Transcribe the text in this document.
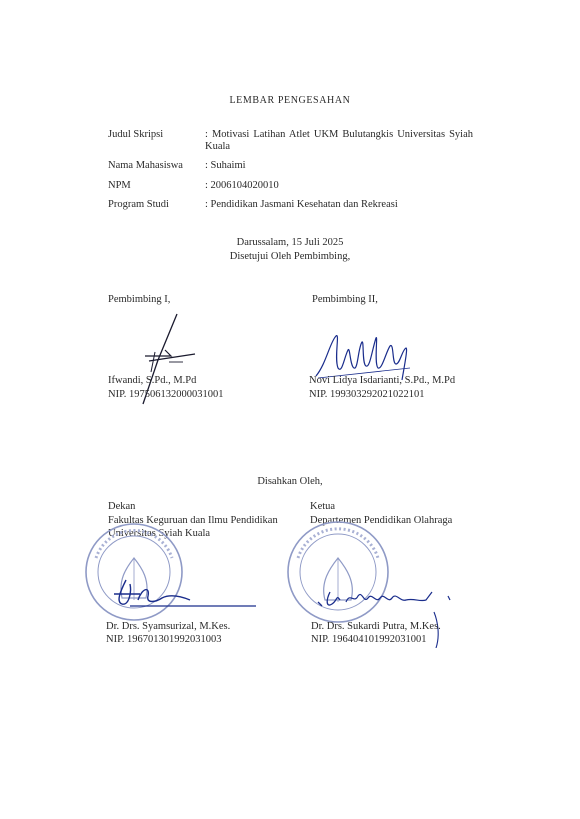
LEMBAR PENGESAHAN
Judul Skripsi	: Motivasi Latihan Atlet UKM Bulutangkis Universitas Syiah Kuala
Nama Mahasiswa : Suhaimi
NPM	: 2006104020010
Program Studi	: Pendidikan Jasmani Kesehatan dan Rekreasi
Darussalam, 15 Juli 2025
Disetujui Oleh Pembimbing,
Pembimbing I,	Pembimbing II,
Ifwandi, S.Pd., M.Pd
NIP. 197506132000031001
Novi Lidya Isdarianti, S.Pd., M.Pd
NIP. 199303292021022101
Disahkan Oleh,
Dekan
Fakultas Keguruan dan Ilmu Pendidikan
Universitas Syiah Kuala
Ketua
Departemen Pendidikan Olahraga
Dr. Drs. Syamsurizal, M.Kes.
NIP. 196701301992031003
Dr. Drs. Sukardi Putra, M.Kes.
NIP. 196404101992031001
